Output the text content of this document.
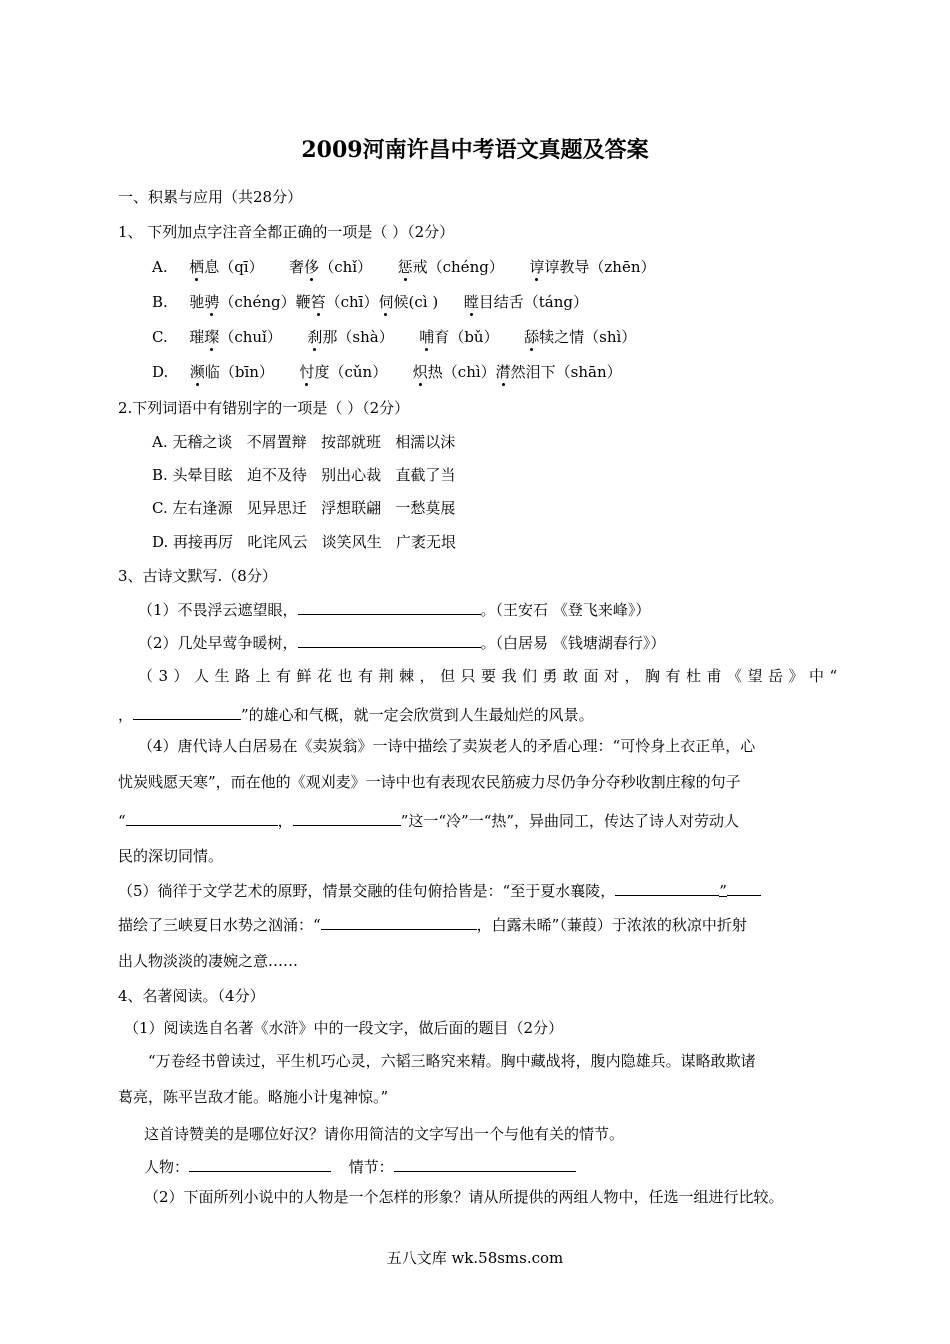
2009河南许昌中考语文真题及答案
一、积累与应用（共28分）
1、 下列加点字注音全都正确的一项是（ ）（2分）
A. 栖息（qī） 奢侈（chǐ） 惩戒（chéng） 谆谆教导（zhēn）
B. 驰骋（chéng）鞭笞（chī）伺候(cì ) 瞠目结舌（táng）
C. 璀璨（chuǐ） 刹那（shà） 哺育（bǔ） 舔犊之情（shì）
D. 濒临（bīn） 忖度（cǔn） 炽热（chì）潸然泪下（shān）
2.下列词语中有错别字的一项是（ ）（2分）
A. 无稽之谈   不屑置辩   按部就班   相濡以沫
B. 头晕目眩   迫不及待   别出心裁   直截了当
C. 左右逢源   见异思迁   浮想联翩   一愁莫展
D. 再接再厉   叱诧风云   谈笑风生   广袤无垠
3、古诗文默写.（8分）
（1）不畏浮云遮望眼，	。（王安石 《登飞来峰》）
（2）几处早莺争暖树，	。（白居易 《钱塘湖春行》）
（3）人生路上有鲜花也有荆棘，但只要我们勇敢面对，胸有杜甫《望岳》中“
，	”的雄心和气概，就一定会欣赏到人生最灿烂的风景。
（4）唐代诗人白居易在《卖炭翁》一诗中描绘了卖炭老人的矛盾心理：“可怜身上衣正单，心
忧炭贱愿天寒”，而在他的《观刈麦》一诗中也有表现农民筋疲力尽仍争分夺秒收割庄稼的句子
“	，	”这一“冷”一“热”，异曲同工，传达了诗人对劳动人
民的深切同情。
（5）徜徉于文学艺术的原野，情景交融的佳句俯拾皆是：“至于夏水襄陵，	”
描绘了三峡夏日水势之汹涌：“	，白露未晞”（蒹葭）于浓浓的秋凉中折射
出人物淡淡的凄婉之意……
4、名著阅读。（4分）
（1）阅读选自名著《水浒》中的一段文字，做后面的题目（2分）
“万卷经书曾读过，平生机巧心灵，六韬三略究来精。胸中藏战将，腹内隐雄兵。谋略敢欺诸
葛亮，陈平岂敌才能。略施小计鬼神惊。”
这首诗赞美的是哪位好汉？请你用简洁的文字写出一个与他有关的情节。
人物：	情节：
（2）下面所列小说中的人物是一个怎样的形象？请从所提供的两组人物中，任选一组进行比较。
五八文库 wk.58sms.com
